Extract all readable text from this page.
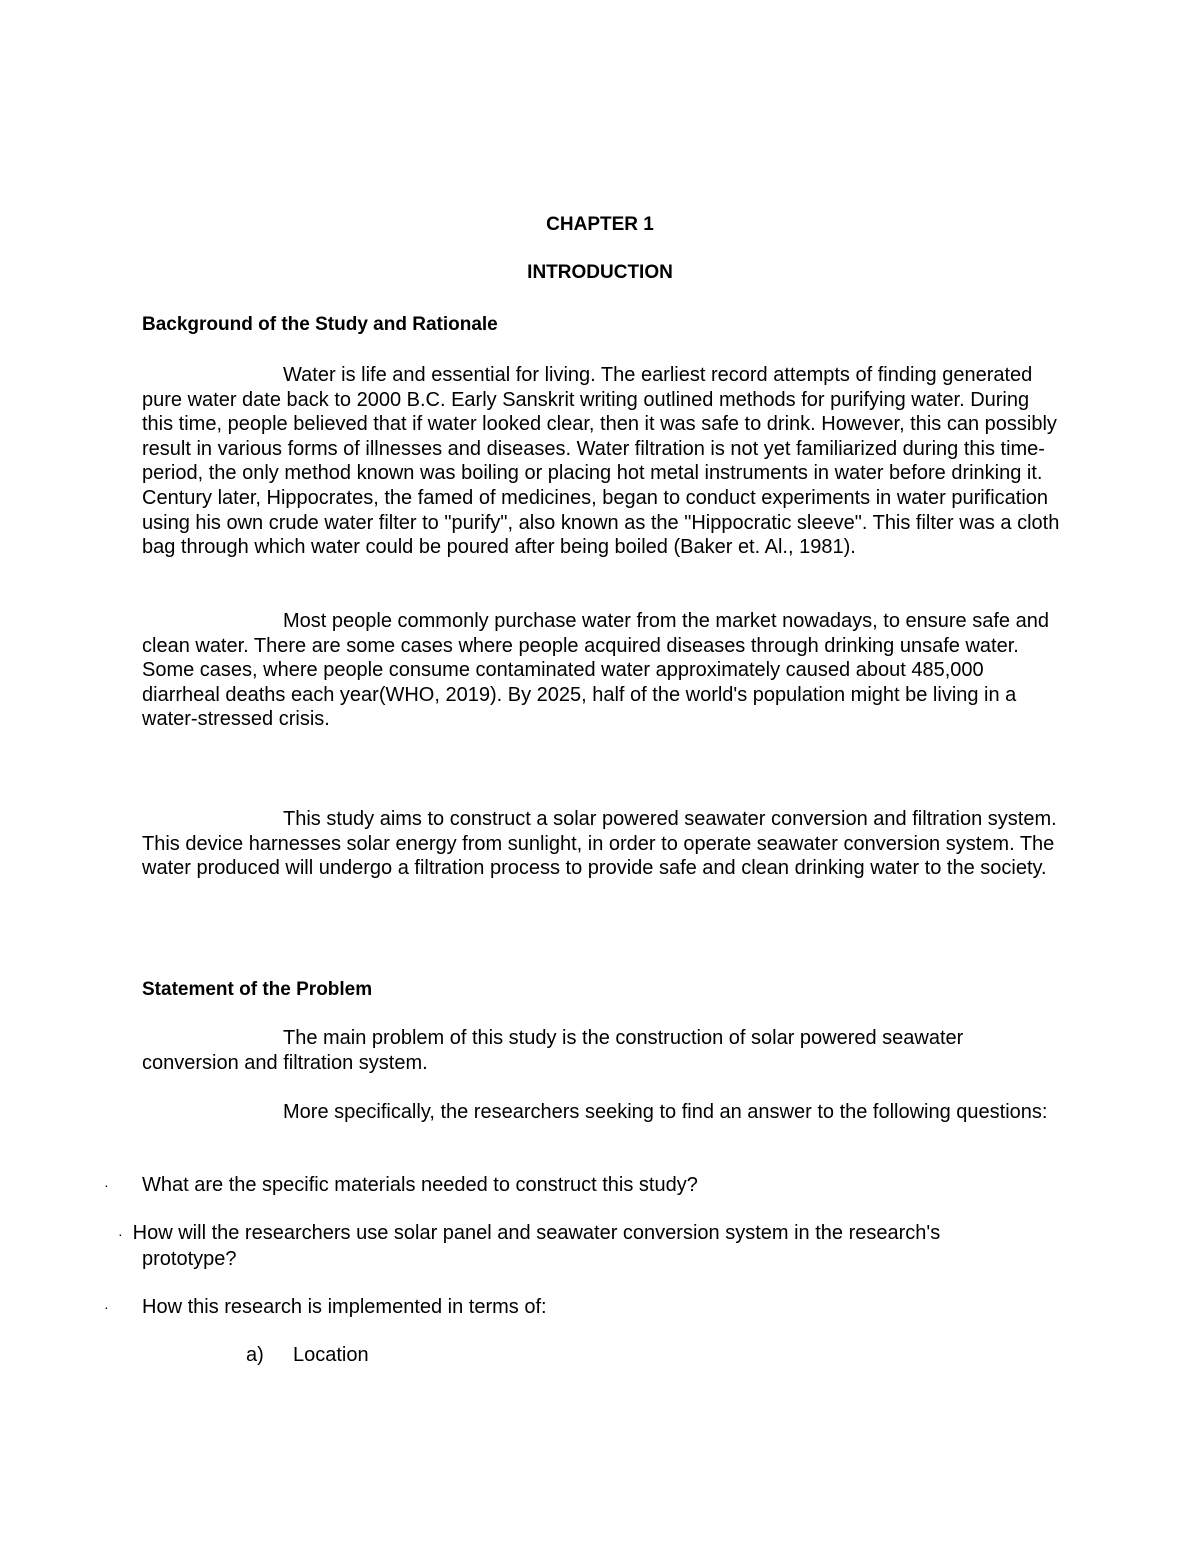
CHAPTER 1
INTRODUCTION
Background of the Study and Rationale

Water is life and essential for living. The earliest record attempts of finding generated pure water date back to 2000 B.C. Early Sanskrit writing outlined methods for purifying water. During this time, people believed that if water looked clear, then it was safe to drink. However, this can possibly result in various forms of illnesses and diseases. Water filtration is not yet familiarized during this time-period, the only method known was boiling or placing hot metal instruments in water before drinking it. Century later, Hippocrates, the famed of medicines, began to conduct experiments in water purification using his own crude water filter to "purify", also known as the "Hippocratic sleeve". This filter was a cloth bag through which water could be poured after being boiled (Baker et. Al., 1981).

Most people commonly purchase water from the market nowadays, to ensure safe and clean water. There are some cases where people acquired diseases through drinking unsafe water. Some cases, where people consume contaminated water approximately caused about 485,000 diarrheal deaths each year(WHO, 2019). By 2025, half of the world's population might be living in a water-stressed crisis.

This study aims to construct a solar powered seawater conversion and filtration system. This device harnesses solar energy from sunlight, in order to operate seawater conversion system. The water produced will undergo a filtration process to provide safe and clean drinking water to the society.

Statement of the Problem

The main problem of this study is the construction of solar powered seawater conversion and filtration system.

More specifically, the researchers seeking to find an answer to the following questions:

· What are the specific materials needed to construct this study?
· How will the researchers use solar panel and seawater conversion system in the research's prototype?
· How this research is implemented in terms of:
a) Location
